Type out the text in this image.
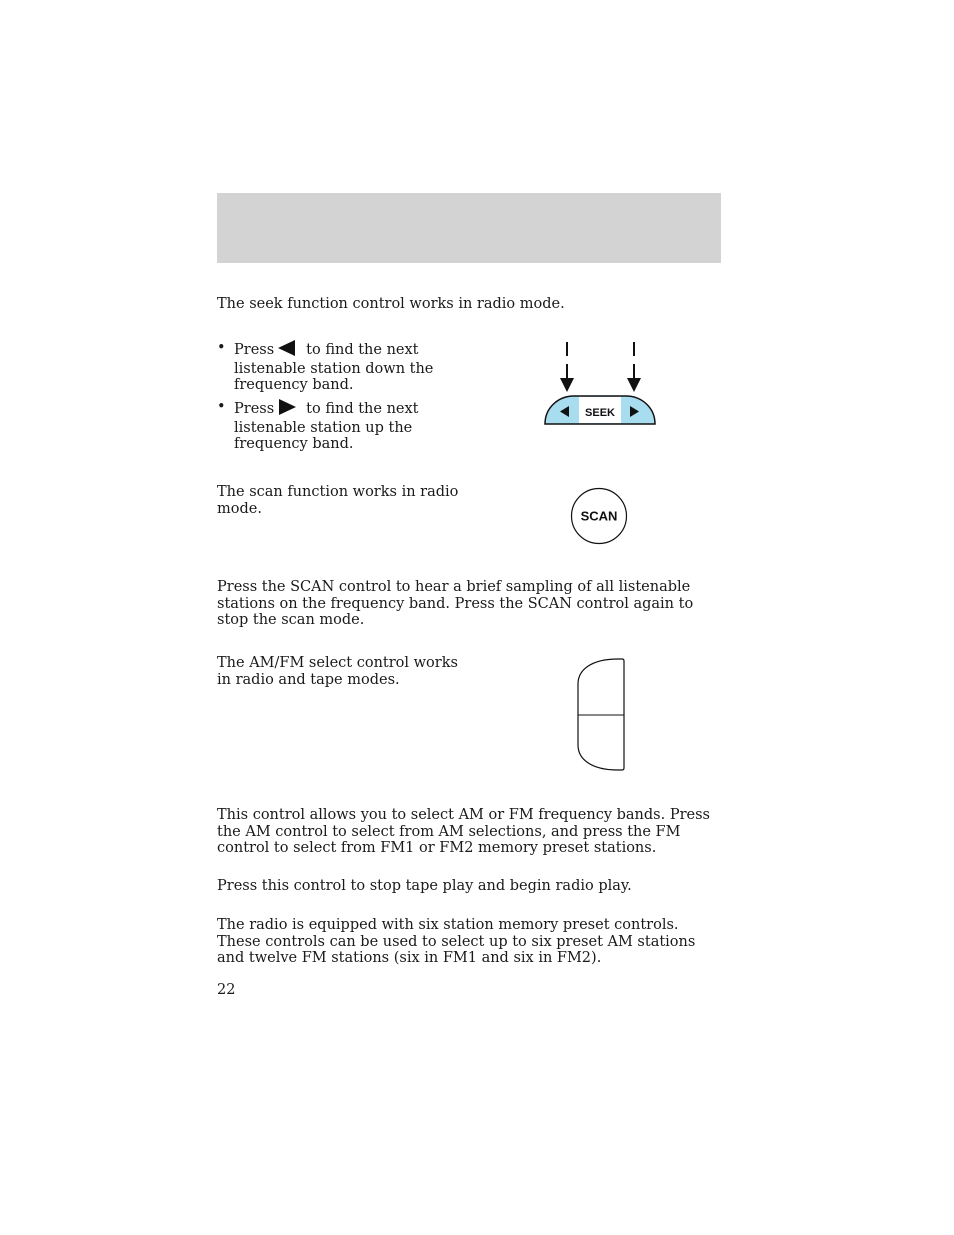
The seek function control works in radio mode.

• Press to find the next listenable station down the frequency band.
• Press to find the next listenable station up the frequency band.
SEEK

The scan function works in radio mode.	SCAN

Press the SCAN control to hear a brief sampling of all listenable stations on the frequency band. Press the SCAN control again to stop the scan mode.

The AM/FM select control works in radio and tape modes.

This control allows you to select AM or FM frequency bands. Press the AM control to select from AM selections, and press the FM control to select from FM1 or FM2 memory preset stations.

Press this control to stop tape play and begin radio play.

The radio is equipped with six station memory preset controls. These controls can be used to select up to six preset AM stations and twelve FM stations (six in FM1 and six in FM2).

22
